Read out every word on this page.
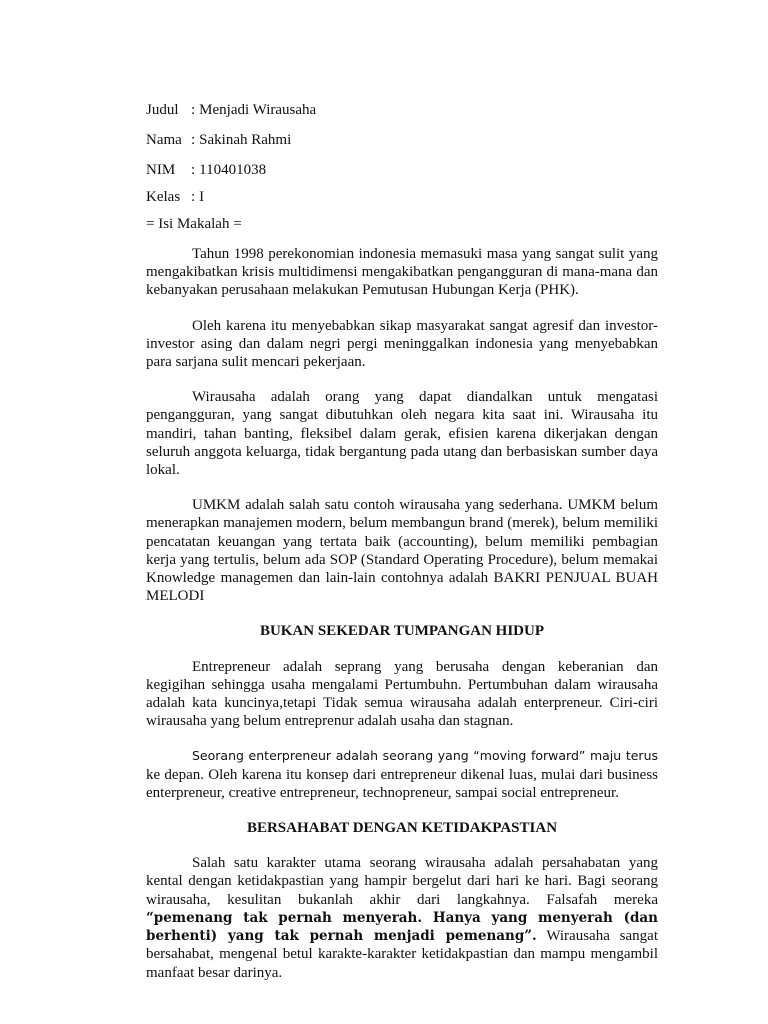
Judul : Menjadi Wirausaha
Nama : Sakinah Rahmi
NIM : 110401038
Kelas : I
= Isi Makalah =

Tahun 1998 perekonomian indonesia memasuki masa yang sangat sulit yang mengakibatkan krisis multidimensi mengakibatkan pengangguran di mana-mana dan kebanyakan perusahaan melakukan Pemutusan Hubungan Kerja (PHK).

Oleh karena itu menyebabkan sikap masyarakat sangat agresif dan investor-investor asing dan dalam negri pergi meninggalkan indonesia yang menyebabkan para sarjana sulit mencari pekerjaan.

Wirausaha adalah orang yang dapat diandalkan untuk mengatasi pengangguran, yang sangat dibutuhkan oleh negara kita saat ini. Wirausaha itu mandiri, tahan banting, fleksibel dalam gerak, efisien karena dikerjakan dengan seluruh anggota keluarga, tidak bergantung pada utang dan berbasiskan sumber daya lokal.

UMKM adalah salah satu contoh wirausaha yang sederhana. UMKM belum menerapkan manajemen modern, belum membangun brand (merek), belum memiliki pencatatan keuangan yang tertata baik (accounting), belum memiliki pembagian kerja yang tertulis, belum ada SOP (Standard Operating Procedure), belum memakai Knowledge managemen dan lain-lain contohnya adalah BAKRI PENJUAL BUAH MELODI

BUKAN SEKEDAR TUMPANGAN HIDUP

Entrepreneur adalah seprang yang berusaha dengan keberanian dan kegigihan sehingga usaha mengalami Pertumbuhn. Pertumbuhan dalam wirausaha adalah kata kuncinya,tetapi Tidak semua wirausaha adalah enterpreneur. Ciri-ciri wirausaha yang belum entreprenur adalah usaha dan stagnan.

Seorang enterpreneur adalah seorang yang “moving forward” maju terus ke depan. Oleh karena itu konsep dari entrepreneur dikenal luas, mulai dari business enterpreneur, creative entrepreneur, technopreneur, sampai social entrepreneur.

BERSAHABAT DENGAN KETIDAKPASTIAN

Salah satu karakter utama seorang wirausaha adalah persahabatan yang kental dengan ketidakpastian yang hampir bergelut dari hari ke hari. Bagi seorang wirausaha, kesulitan bukanlah akhir dari langkahnya. Falsafah mereka “pemenang tak pernah menyerah. Hanya yang menyerah (dan berhenti) yang tak pernah menjadi pemenang”. Wirausaha sangat bersahabat, mengenal betul karakte-karakter ketidakpastian dan mampu mengambil manfaat besar darinya.
